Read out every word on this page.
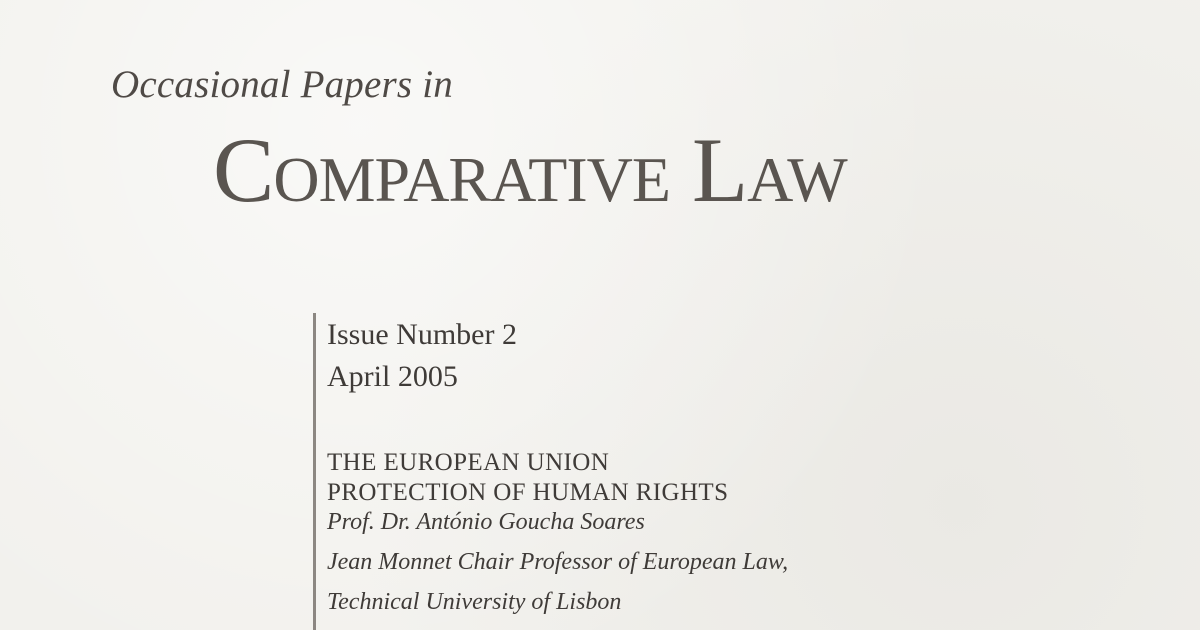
Occasional Papers in
Comparative Law
Issue Number 2
April 2005
THE EUROPEAN UNION
PROTECTION OF HUMAN RIGHTS
Prof. Dr. António Goucha Soares
Jean Monnet Chair Professor of European Law,
Technical University of Lisbon
